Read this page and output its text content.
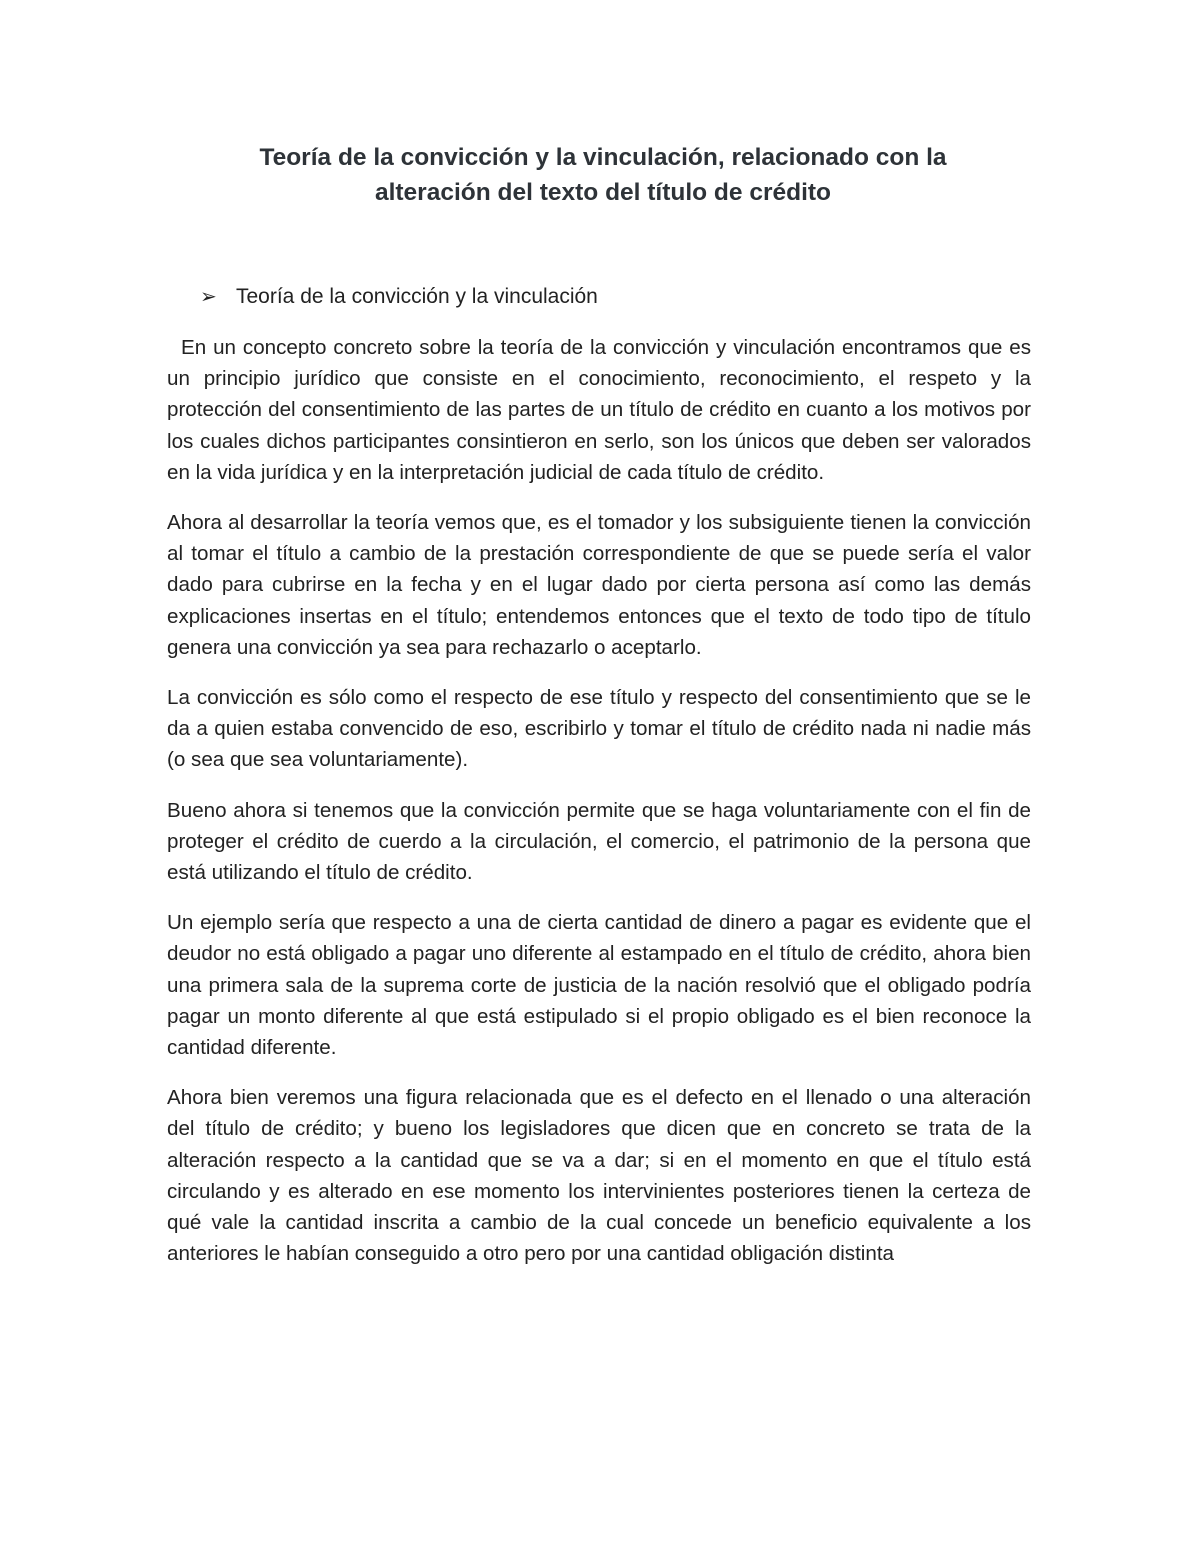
Teoría de la convicción y la vinculación, relacionado con la
alteración del texto del título de crédito
➢ Teoría de la convicción y la vinculación

En un concepto concreto sobre la teoría de la convicción y vinculación encontramos que es un principio jurídico que consiste en el conocimiento, reconocimiento, el respeto y la protección del consentimiento de las partes de un título de crédito en cuanto a los motivos por los cuales dichos participantes consintieron en serlo, son los únicos que deben ser valorados en la vida jurídica y en la interpretación judicial de cada título de crédito.

Ahora al desarrollar la teoría vemos que, es el tomador y los subsiguiente tienen la convicción al tomar el título a cambio de la prestación correspondiente de que se puede sería el valor dado para cubrirse en la fecha y en el lugar dado por cierta persona así como las demás explicaciones insertas en el título; entendemos entonces que el texto de todo tipo de título genera una convicción ya sea para rechazarlo o aceptarlo.

La convicción es sólo como el respecto de ese título y respecto del consentimiento que se le da a quien estaba convencido de eso, escribirlo y tomar el título de crédito nada ni nadie más (o sea que sea voluntariamente).

Bueno ahora si tenemos que la convicción permite que se haga voluntariamente con el fin de proteger el crédito de cuerdo a la circulación, el comercio, el patrimonio de la persona que está utilizando el título de crédito.

Un ejemplo sería que respecto a una de cierta cantidad de dinero a pagar es evidente que el deudor no está obligado a pagar uno diferente al estampado en el título de crédito, ahora bien una primera sala de la suprema corte de justicia de la nación resolvió que el obligado podría pagar un monto diferente al que está estipulado si el propio obligado es el bien reconoce la cantidad diferente.

Ahora bien veremos una figura relacionada que es el defecto en el llenado o una alteración del título de crédito; y bueno los legisladores que dicen que en concreto se trata de la alteración respecto a la cantidad que se va a dar; si en el momento en que el título está circulando y es alterado en ese momento los intervinientes posteriores tienen la certeza de qué vale la cantidad inscrita a cambio de la cual concede un beneficio equivalente a los anteriores le habían conseguido a otro pero por una cantidad obligación distinta
